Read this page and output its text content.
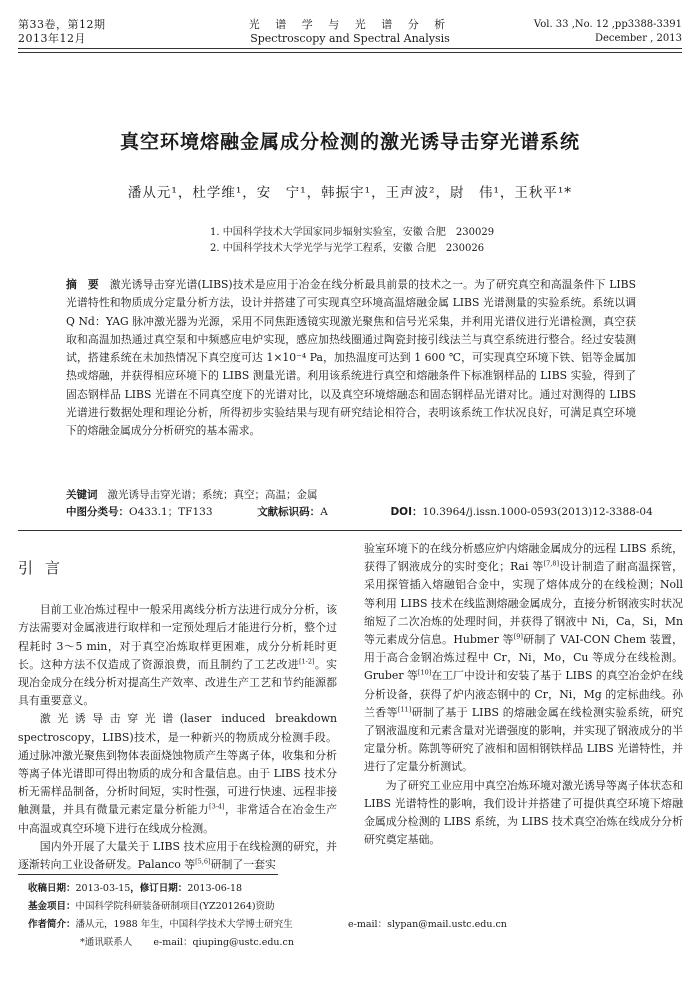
第33卷，第12期
2013年12月
光 谱 学 与 光 谱 分 析
Spectroscopy and Spectral Analysis
Vol. 33 ,No. 12 ,pp3388-3391
December , 2013
真空环境熔融金属成分检测的激光诱导击穿光谱系统
潘从元¹，杜学维¹，安　宁¹，韩振宇¹，王声波²，尉　伟¹，王秋平¹*
1. 中国科学技术大学国家同步辐射实验室，安徽 合肥　230029
2. 中国科学技术大学光学与光学工程系，安徽 合肥　230026
摘　要 激光诱导击穿光谱(LIBS)技术是应用于冶金在线分析最具前景的技术之一。为了研究真空和高温条件下 LIBS 光谱特性和物质成分定量分析方法，设计并搭建了可实现真空环境高温熔融金属 LIBS 光谱测量的实验系统。系统以调 Q Nd：YAG 脉冲激光器为光源，采用不同焦距透镜实现激光聚焦和信号光采集，并利用光谱仪进行光谱检测，真空获取和高温加热通过真空泵和中频感应电炉实现，感应加热线圈通过陶瓷封接引线法兰与真空系统进行整合。经过安装测试，搭建系统在未加热情况下真空度可达 1×10⁻⁴ Pa，加热温度可达到 1 600 ℃，可实现真空环境下铁、铝等金属加热或熔融，并获得相应环境下的 LIBS 测量光谱。利用该系统进行真空和熔融条件下标准钢样品的 LIBS 实验，得到了固态钢样品 LIBS 光谱在不同真空度下的光谱对比，以及真空环境熔融态和固态钢样品光谱对比。通过对测得的 LIBS 光谱进行数据处理和理论分析，所得初步实验结果与现有研究结论相符合，表明该系统工作状况良好，可满足真空环境下的熔融金属成分分析研究的基本需求。
关键词 激光诱导击穿光谱；系统；真空；高温；金属
中图分类号：O433.1；TF133	文献标识码：A	DOI：10.3964/j.issn.1000-0593(2013)12-3388-04
引言

目前工业冶炼过程中一般采用离线分析方法进行成分分析，该方法需要对金属液进行取样和一定预处理后才能进行分析，整个过程耗时 3～5 min，对于真空冶炼取样更困难，成分分析耗时更长。这种方法不仅造成了资源浪费，而且制约了工艺改进[1-2]。实现冶金成分在线分析对提高生产效率、改进生产工艺和节约能源都具有重要意义。

激光诱导击穿光谱(laser induced breakdown spectroscopy，LIBS)技术，是一种新兴的物质成分检测手段。通过脉冲激光聚焦到物体表面烧蚀物质产生等离子体，收集和分析等离子体光谱即可得出物质的成分和含量信息。由于 LIBS 技术分析无需样品制备，分析时间短，实时性强，可进行快速、远程非接触测量，并具有微量元素定量分析能力[3-4]，非常适合在冶金生产中高温或真空环境下进行在线成分检测。

国内外开展了大量关于 LIBS 技术应用于在线检测的研究，并逐渐转向工业设备研发。Palanco 等[5,6]研制了一套实

验室环境下的在线分析感应炉内熔融金属成分的远程 LIBS 系统，获得了钢液成分的实时变化；Rai 等[7,8]设计制造了耐高温探管，采用探管插入熔融铝合金中，实现了熔体成分的在线检测；Noll 等利用 LIBS 技术在线监测熔融金属成分，直接分析钢液实时状况缩短了二次冶炼的处理时间，并获得了钢液中 Ni，Ca，Si，Mn 等元素成分信息。Hubmer 等[9]研制了 VAI-CON Chem 装置，用于高合金钢冶炼过程中 Cr，Ni，Mo，Cu 等成分在线检测。Gruber 等[10]在工厂中设计和安装了基于 LIBS 的真空冶金炉在线分析设备，获得了炉内液态钢中的 Cr，Ni，Mg 的定标曲线。孙兰香等[11]研制了基于 LIBS 的熔融金属在线检测实验系统，研究了钢液温度和元素含量对光谱强度的影响，并实现了钢液成分的半定量分析。陈凯等研究了液相和固相钢铁样品 LIBS 光谱特性，并进行了定量分析测试。

为了研究工业应用中真空冶炼环境对激光诱导等离子体状态和 LIBS 光谱特性的影响，我们设计并搭建了可提供真空环境下熔融金属成分检测的 LIBS 系统，为 LIBS 技术真空冶炼在线成分分析研究奠定基础。

收稿日期：2013-03-15，修订日期：2013-06-18
基金项目：中国科学院科研装备研制项目(YZ201264)资助
作者简介：潘从元，1988 年生，中国科学技术大学博士研究生	e-mail：slypan@mail.ustc.edu.cn
*通讯联系人 e-mail：qiuping@ustc.edu.cn
